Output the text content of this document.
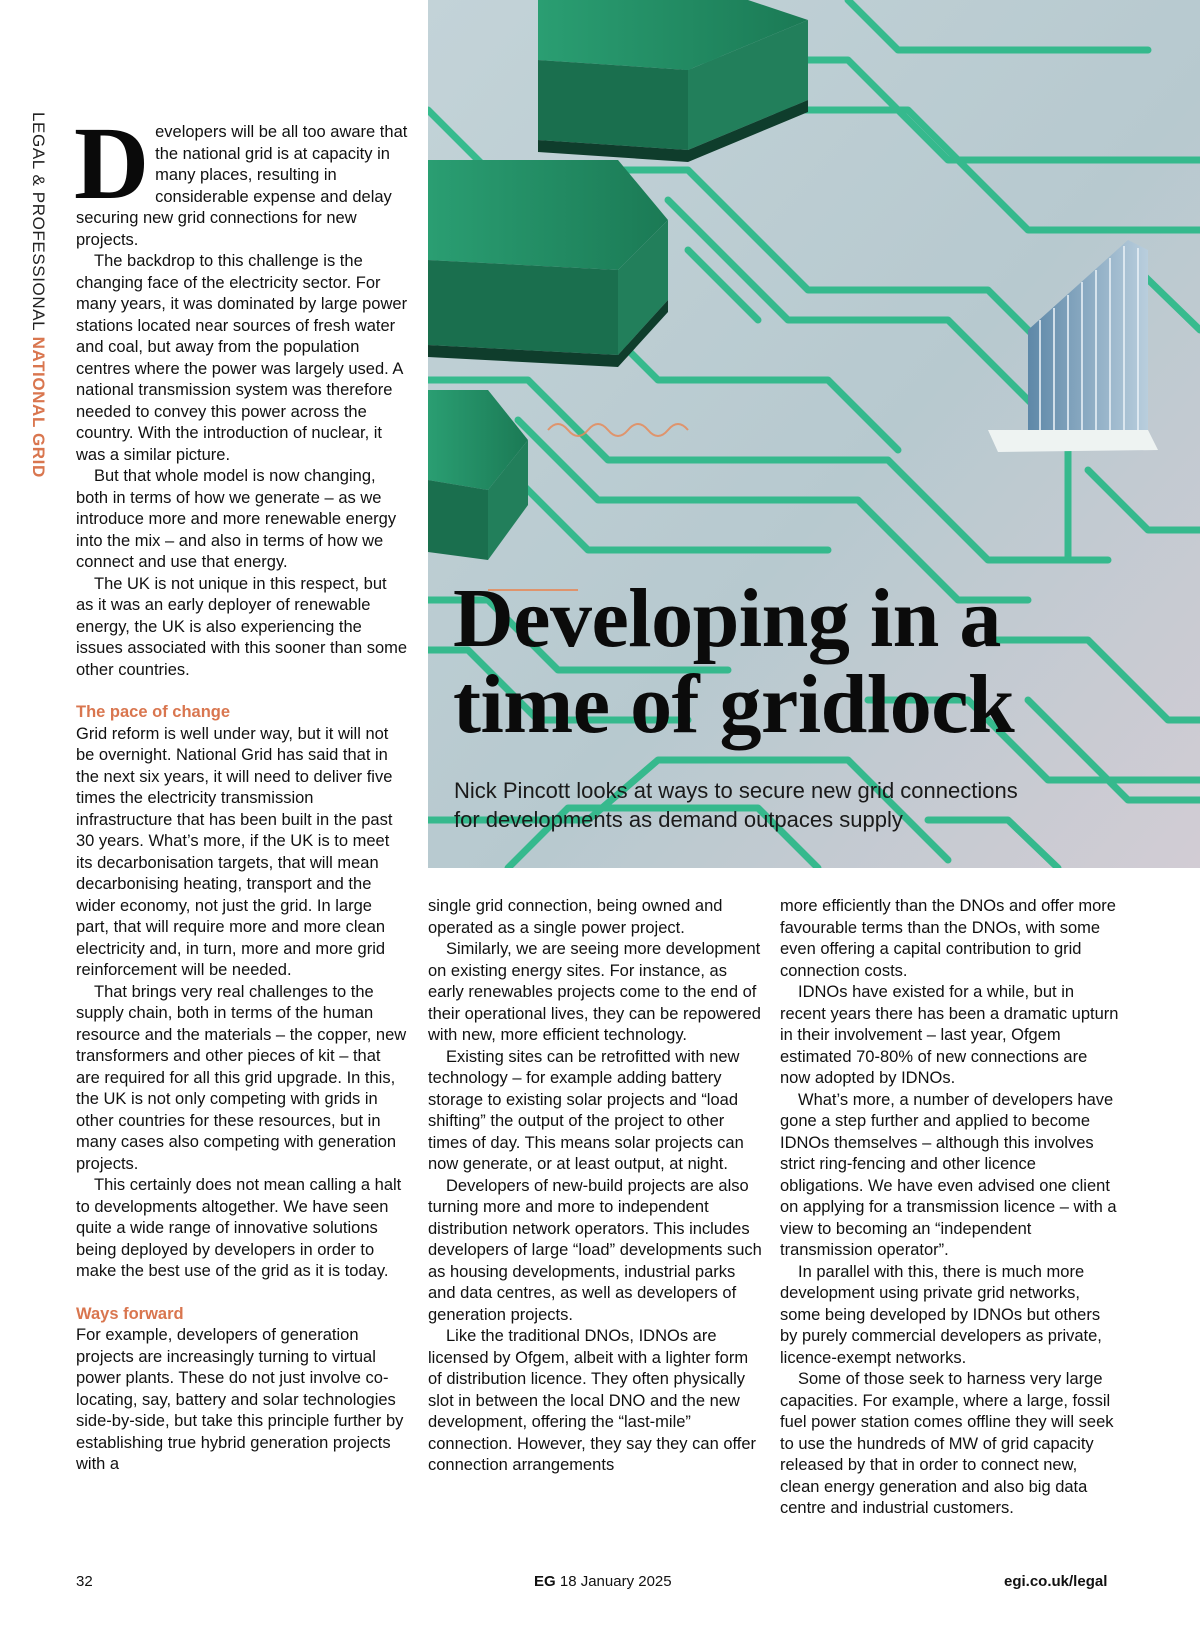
LEGAL & PROFESSIONAL NATIONAL GRID
Developing in a
time of gridlock
Nick Pincott looks at ways to secure new grid connections
for developments as demand outpaces supply

Developers will be all too aware that the national grid is at capacity in many places, resulting in considerable expense and delay securing new grid connections for new projects.

The backdrop to this challenge is the changing face of the electricity sector. For many years, it was dominated by large power stations located near sources of fresh water and coal, but away from the population centres where the power was largely used. A national transmission system was therefore needed to convey this power across the country. With the introduction of nuclear, it was a similar picture.

But that whole model is now changing, both in terms of how we generate – as we introduce more and more renewable energy into the mix – and also in terms of how we connect and use that energy.

The UK is not unique in this respect, but as it was an early deployer of renewable energy, the UK is also experiencing the issues associated with this sooner than some other countries.

The pace of change

Grid reform is well under way, but it will not be overnight. National Grid has said that in the next six years, it will need to deliver five times the electricity transmission infrastructure that has been built in the past 30 years. What’s more, if the UK is to meet its decarbonisation targets, that will mean decarbonising heating, transport and the wider economy, not just the grid. In large part, that will require more and more clean electricity and, in turn, more and more grid reinforcement will be needed.

That brings very real challenges to the supply chain, both in terms of the human resource and the materials – the copper, new transformers and other pieces of kit – that are required for all this grid upgrade. In this, the UK is not only competing with grids in other countries for these resources, but in many cases also competing with generation projects.

This certainly does not mean calling a halt to developments altogether. We have seen quite a wide range of innovative solutions being deployed by developers in order to make the best use of the grid as it is today.

Ways forward

For example, developers of generation projects are increasingly turning to virtual power plants. These do not just involve co-locating, say, battery and solar technologies side-by-side, but take this principle further by establishing true hybrid generation projects with a

single grid connection, being owned and operated as a single power project.

Similarly, we are seeing more development on existing energy sites. For instance, as early renewables projects come to the end of their operational lives, they can be repowered with new, more efficient technology.

Existing sites can be retrofitted with new technology – for example adding battery storage to existing solar projects and “load shifting” the output of the project to other times of day. This means solar projects can now generate, or at least output, at night.

Developers of new-build projects are also turning more and more to independent distribution network operators. This includes developers of large “load” developments such as housing developments, industrial parks and data centres, as well as developers of generation projects.

Like the traditional DNOs, IDNOs are licensed by Ofgem, albeit with a lighter form of distribution licence. They often physically slot in between the local DNO and the new development, offering the “last-mile” connection. However, they say they can offer connection arrangements

more efficiently than the DNOs and offer more favourable terms than the DNOs, with some even offering a capital contribution to grid connection costs.

IDNOs have existed for a while, but in recent years there has been a dramatic upturn in their involvement – last year, Ofgem estimated 70-80% of new connections are now adopted by IDNOs.

What’s more, a number of developers have gone a step further and applied to become IDNOs themselves – although this involves strict ring-fencing and other licence obligations. We have even advised one client on applying for a transmission licence – with a view to becoming an “independent transmission operator”.

In parallel with this, there is much more development using private grid networks, some being developed by IDNOs but others by purely commercial developers as private, licence-exempt networks.

Some of those seek to harness very large capacities. For example, where a large, fossil fuel power station comes offline they will seek to use the hundreds of MW of grid capacity released by that in order to connect new, clean energy generation and also big data centre and industrial customers.

32	EG 18 January 2025	egi.co.uk/legal
